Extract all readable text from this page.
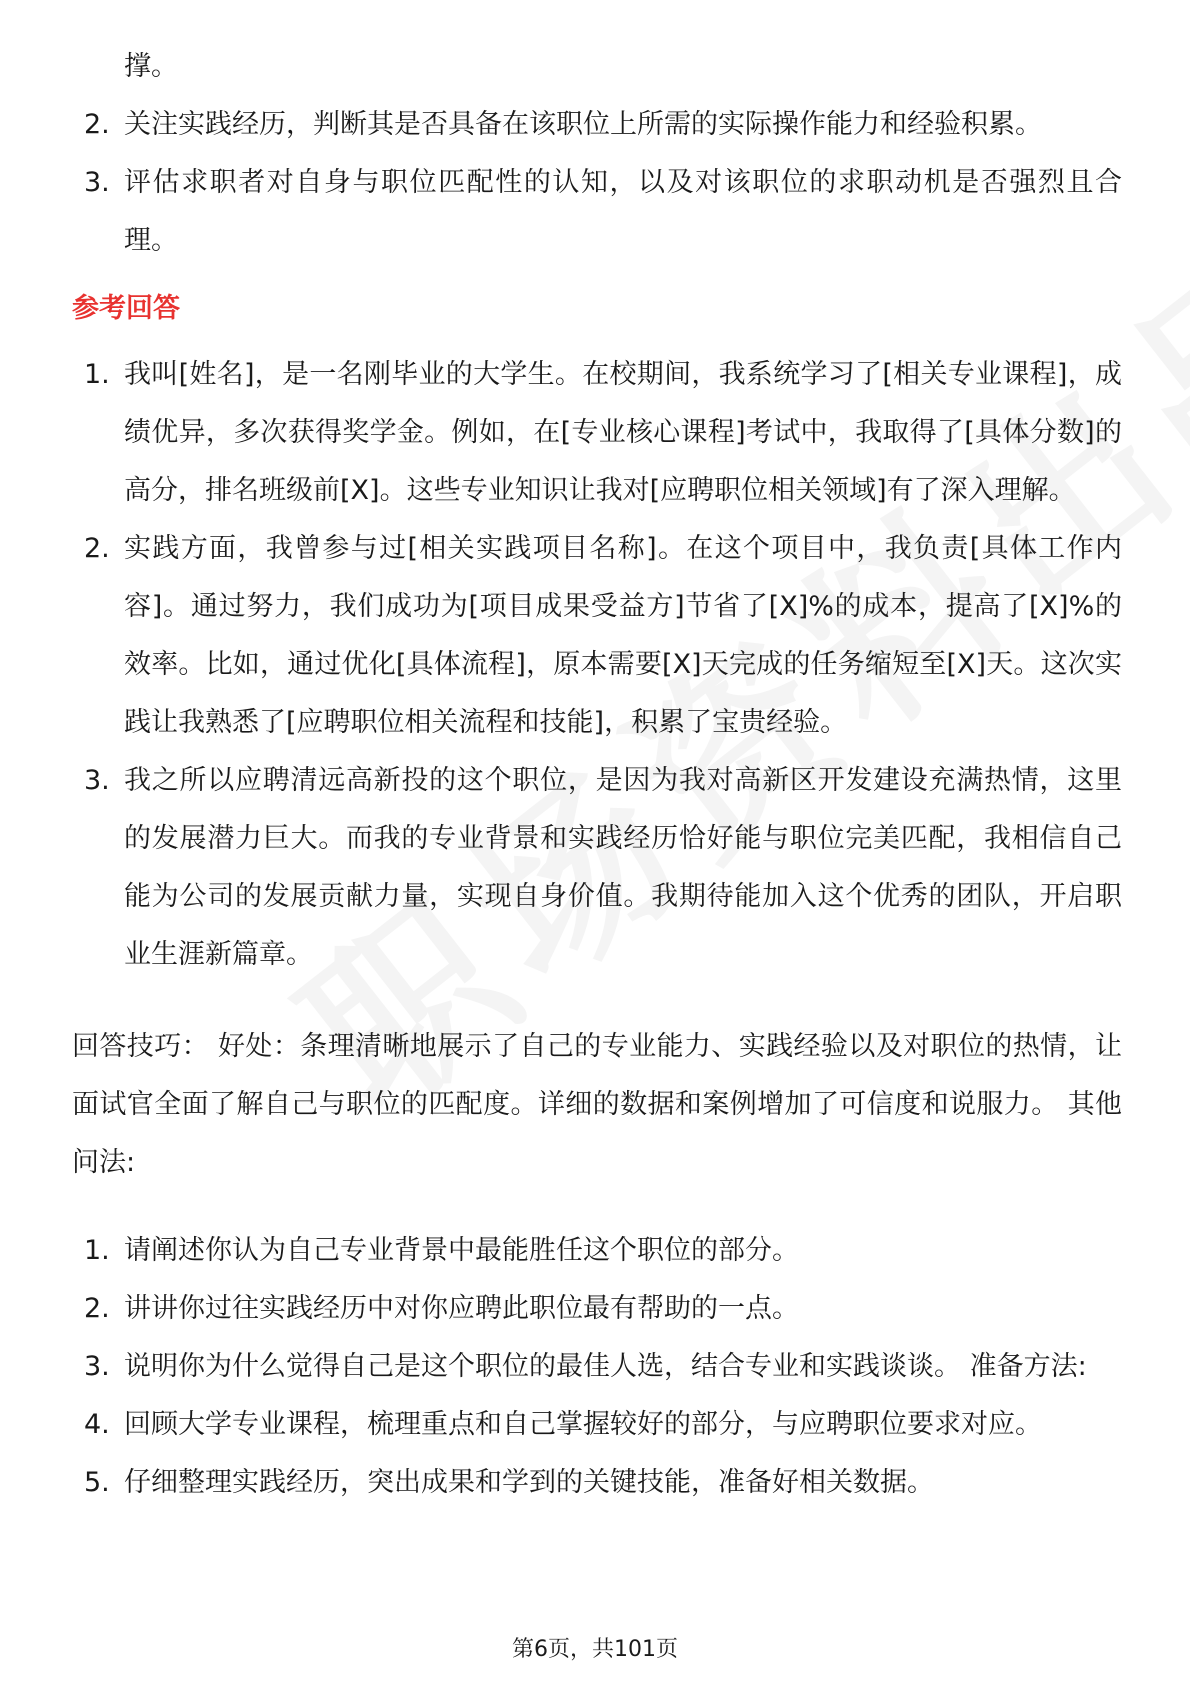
撑。
2. 关注实践经历，判断其是否具备在该职位上所需的实际操作能力和经验积累。
3. 评估求职者对自身与职位匹配性的认知，以及对该职位的求职动机是否强烈且合理。
参考回答
1. 我叫[姓名]，是一名刚毕业的大学生。在校期间，我系统学习了[相关专业课程]，成绩优异，多次获得奖学金。例如，在[专业核心课程]考试中，我取得了[具体分数]的高分，排名班级前[X]。这些专业知识让我对[应聘职位相关领域]有了深入理解。
2. 实践方面，我曾参与过[相关实践项目名称]。在这个项目中，我负责[具体工作内容]。通过努力，我们成功为[项目成果受益方]节省了[X]%的成本，提高了[X]%的效率。比如，通过优化[具体流程]，原本需要[X]天完成的任务缩短至[X]天。这次实践让我熟悉了[应聘职位相关流程和技能]，积累了宝贵经验。
3. 我之所以应聘清远高新投的这个职位，是因为我对高新区开发建设充满热情，这里的发展潜力巨大。而我的专业背景和实践经历恰好能与职位完美匹配，我相信自己能为公司的发展贡献力量，实现自身价值。我期待能加入这个优秀的团队，开启职业生涯新篇章。
回答技巧： 好处：条理清晰地展示了自己的专业能力、实践经验以及对职位的热情，让面试官全面了解自己与职位的匹配度。详细的数据和案例增加了可信度和说服力。 其他问法:
1. 请阐述你认为自己专业背景中最能胜任这个职位的部分。
2. 讲讲你过往实践经历中对你应聘此职位最有帮助的一点。
3. 说明你为什么觉得自己是这个职位的最佳人选，结合专业和实践谈谈。 准备方法:
4. 回顾大学专业课程，梳理重点和自己掌握较好的部分，与应聘职位要求对应。
5. 仔细整理实践经历，突出成果和学到的关键技能，准备好相关数据。
第6页，共101页
